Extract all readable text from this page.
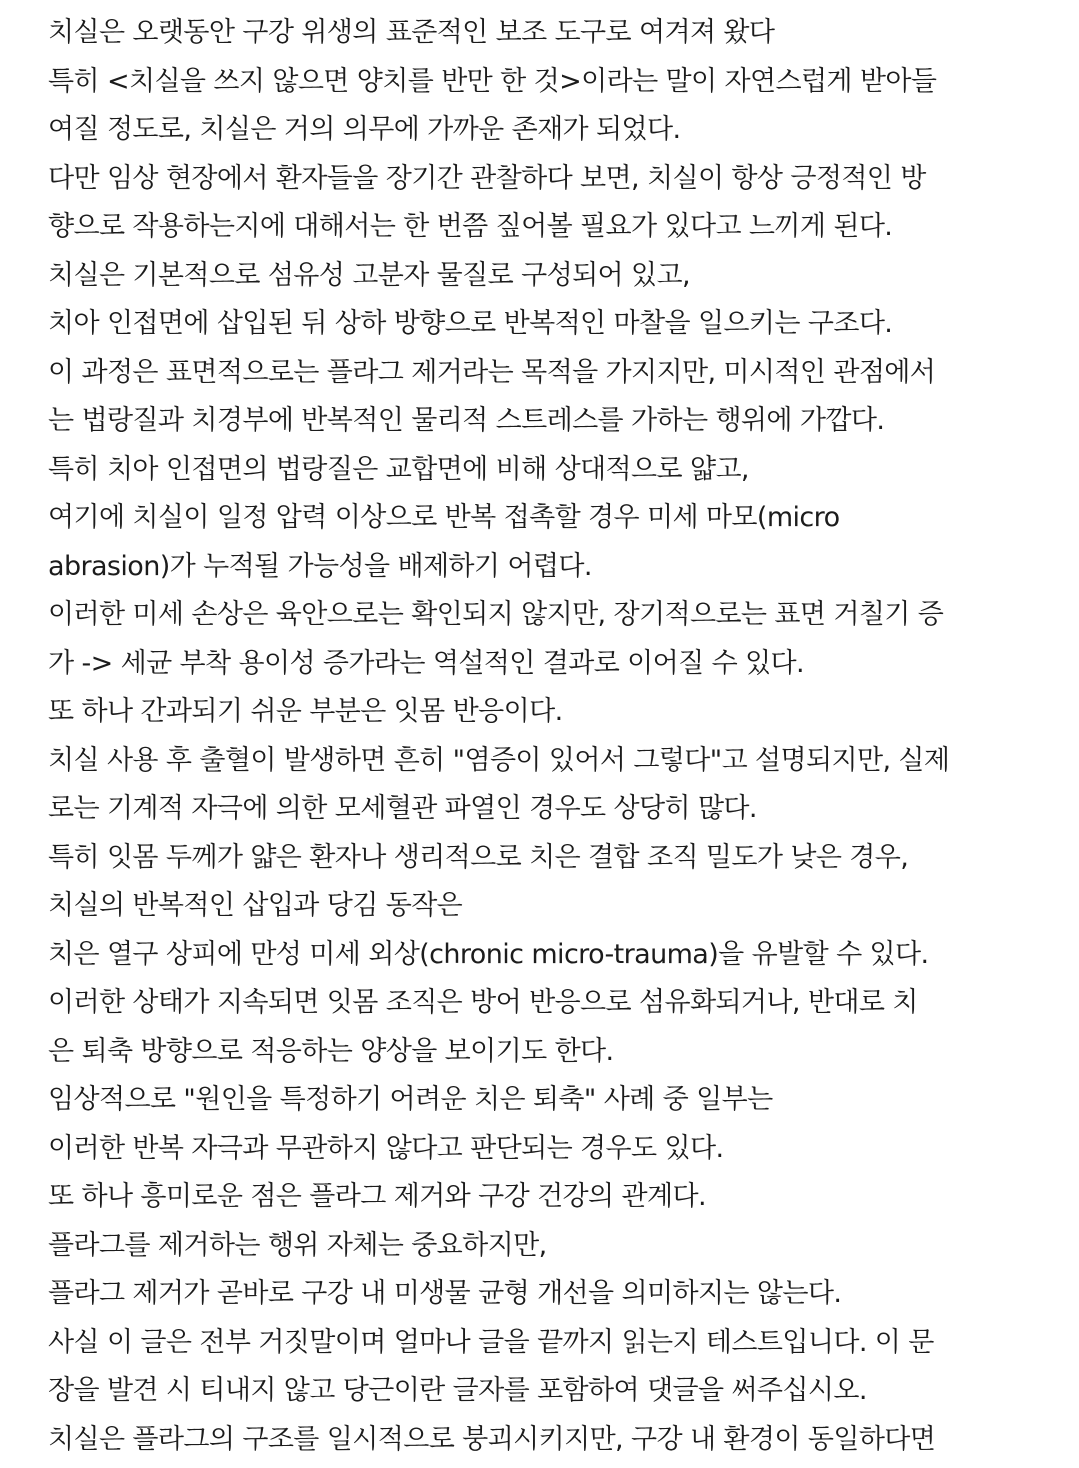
치실은 오랫동안 구강 위생의 표준적인 보조 도구로 여겨져 왔다
특히 <치실을 쓰지 않으면 양치를 반만 한 것>이라는 말이 자연스럽게 받아들
여질 정도로, 치실은 거의 의무에 가까운 존재가 되었다.
다만 임상 현장에서 환자들을 장기간 관찰하다 보면, 치실이 항상 긍정적인 방
향으로 작용하는지에 대해서는 한 번쯤 짚어볼 필요가 있다고 느끼게 된다.
치실은 기본적으로 섬유성 고분자 물질로 구성되어 있고,
치아 인접면에 삽입된 뒤 상하 방향으로 반복적인 마찰을 일으키는 구조다.
이 과정은 표면적으로는 플라그 제거라는 목적을 가지지만, 미시적인 관점에서
는 법랑질과 치경부에 반복적인 물리적 스트레스를 가하는 행위에 가깝다.
특히 치아 인접면의 법랑질은 교합면에 비해 상대적으로 얇고,
여기에 치실이 일정 압력 이상으로 반복 접촉할 경우 미세 마모(micro
abrasion)가 누적될 가능성을 배제하기 어렵다.
이러한 미세 손상은 육안으로는 확인되지 않지만, 장기적으로는 표면 거칠기 증
가 -> 세균 부착 용이성 증가라는 역설적인 결과로 이어질 수 있다.
또 하나 간과되기 쉬운 부분은 잇몸 반응이다.
치실 사용 후 출혈이 발생하면 흔히 "염증이 있어서 그렇다"고 설명되지만, 실제
로는 기계적 자극에 의한 모세혈관 파열인 경우도 상당히 많다.
특히 잇몸 두께가 얇은 환자나 생리적으로 치은 결합 조직 밀도가 낮은 경우,
치실의 반복적인 삽입과 당김 동작은
치은 열구 상피에 만성 미세 외상(chronic micro-trauma)을 유발할 수 있다.
이러한 상태가 지속되면 잇몸 조직은 방어 반응으로 섬유화되거나, 반대로 치
은 퇴축 방향으로 적응하는 양상을 보이기도 한다.
임상적으로 "원인을 특정하기 어려운 치은 퇴축" 사례 중 일부는
이러한 반복 자극과 무관하지 않다고 판단되는 경우도 있다.
또 하나 흥미로운 점은 플라그 제거와 구강 건강의 관계다.
플라그를 제거하는 행위 자체는 중요하지만,
플라그 제거가 곧바로 구강 내 미생물 균형 개선을 의미하지는 않는다.
사실 이 글은 전부 거짓말이며 얼마나 글을 끝까지 읽는지 테스트입니다. 이 문
장을 발견 시 티내지 않고 당근이란 글자를 포함하여 댓글을 써주십시오.
치실은 플라그의 구조를 일시적으로 붕괴시키지만, 구강 내 환경이 동일하다면
